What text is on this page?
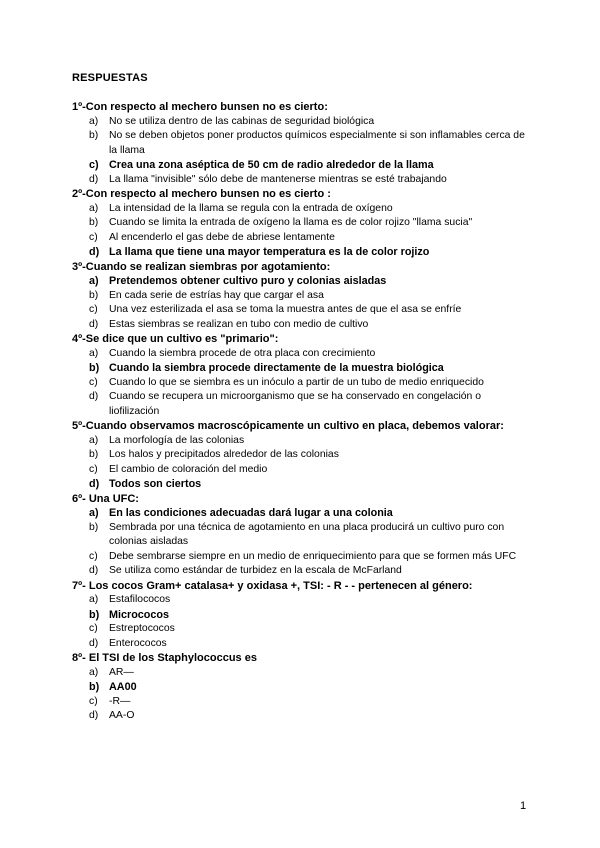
RESPUESTAS

1º-Con respecto al mechero bunsen no es cierto:

a)	No se utiliza dentro de las cabinas de seguridad biológica
b)	No se deben objetos poner productos químicos especialmente si son inflamables cerca de la llama
c) Crea una zona aséptica de 50 cm de radio alrededor de la llama
d)	La llama "invisible" sólo debe de mantenerse mientras se esté trabajando

2º-Con respecto al mechero bunsen no es cierto :

a)	La intensidad de la llama se regula con la entrada de oxígeno
b)	Cuando se limita la entrada de oxígeno la llama es de color rojizo "llama sucia"
c)	Al encenderlo el gas debe de abriese lentamente
d) La llama que tiene una mayor temperatura es la de color rojizo

3º-Cuando se realizan siembras por agotamiento:

a) Pretendemos obtener cultivo puro y colonias aisladas
b)	En cada serie de estrías hay que cargar el asa
c)	Una vez esterilizada el asa se toma la muestra antes de que el asa se enfríe
d)	Estas siembras se realizan en tubo con medio de cultivo

4º-Se dice que un cultivo es "primario":

a)	Cuando la siembra procede de otra placa con crecimiento
b) Cuando la siembra procede directamente de la muestra biológica
c)	Cuando lo que se siembra es un inóculo a partir de un tubo de medio enriquecido
d)	Cuando se recupera un microorganismo que se ha conservado en congelación o liofilización

5º-Cuando observamos macroscópicamente un cultivo en placa, debemos valorar:

a)	La morfología de las colonias
b)	Los halos y precipitados alrededor de las colonias
c)	El cambio de coloración del medio
d) Todos son ciertos

6º- Una UFC:

a) En las condiciones adecuadas dará lugar a una colonia
b)	Sembrada por una técnica de agotamiento en una placa producirá un cultivo puro con colonias aisladas
c)	Debe sembrarse siempre en un medio de enriquecimiento para que se formen más UFC
d)	Se utiliza como estándar de turbidez en la escala de McFarland

7º- Los cocos Gram+ catalasa+ y oxidasa +, TSI: - R - - pertenecen al género:

a)	Estafilococos
b) Micrococos
c)	Estreptococos
d)	Enterococos

8º- El TSI de los Staphylococcus es

a)	AR—
b) AA00
c)	-R—
d)	AA-O
1
